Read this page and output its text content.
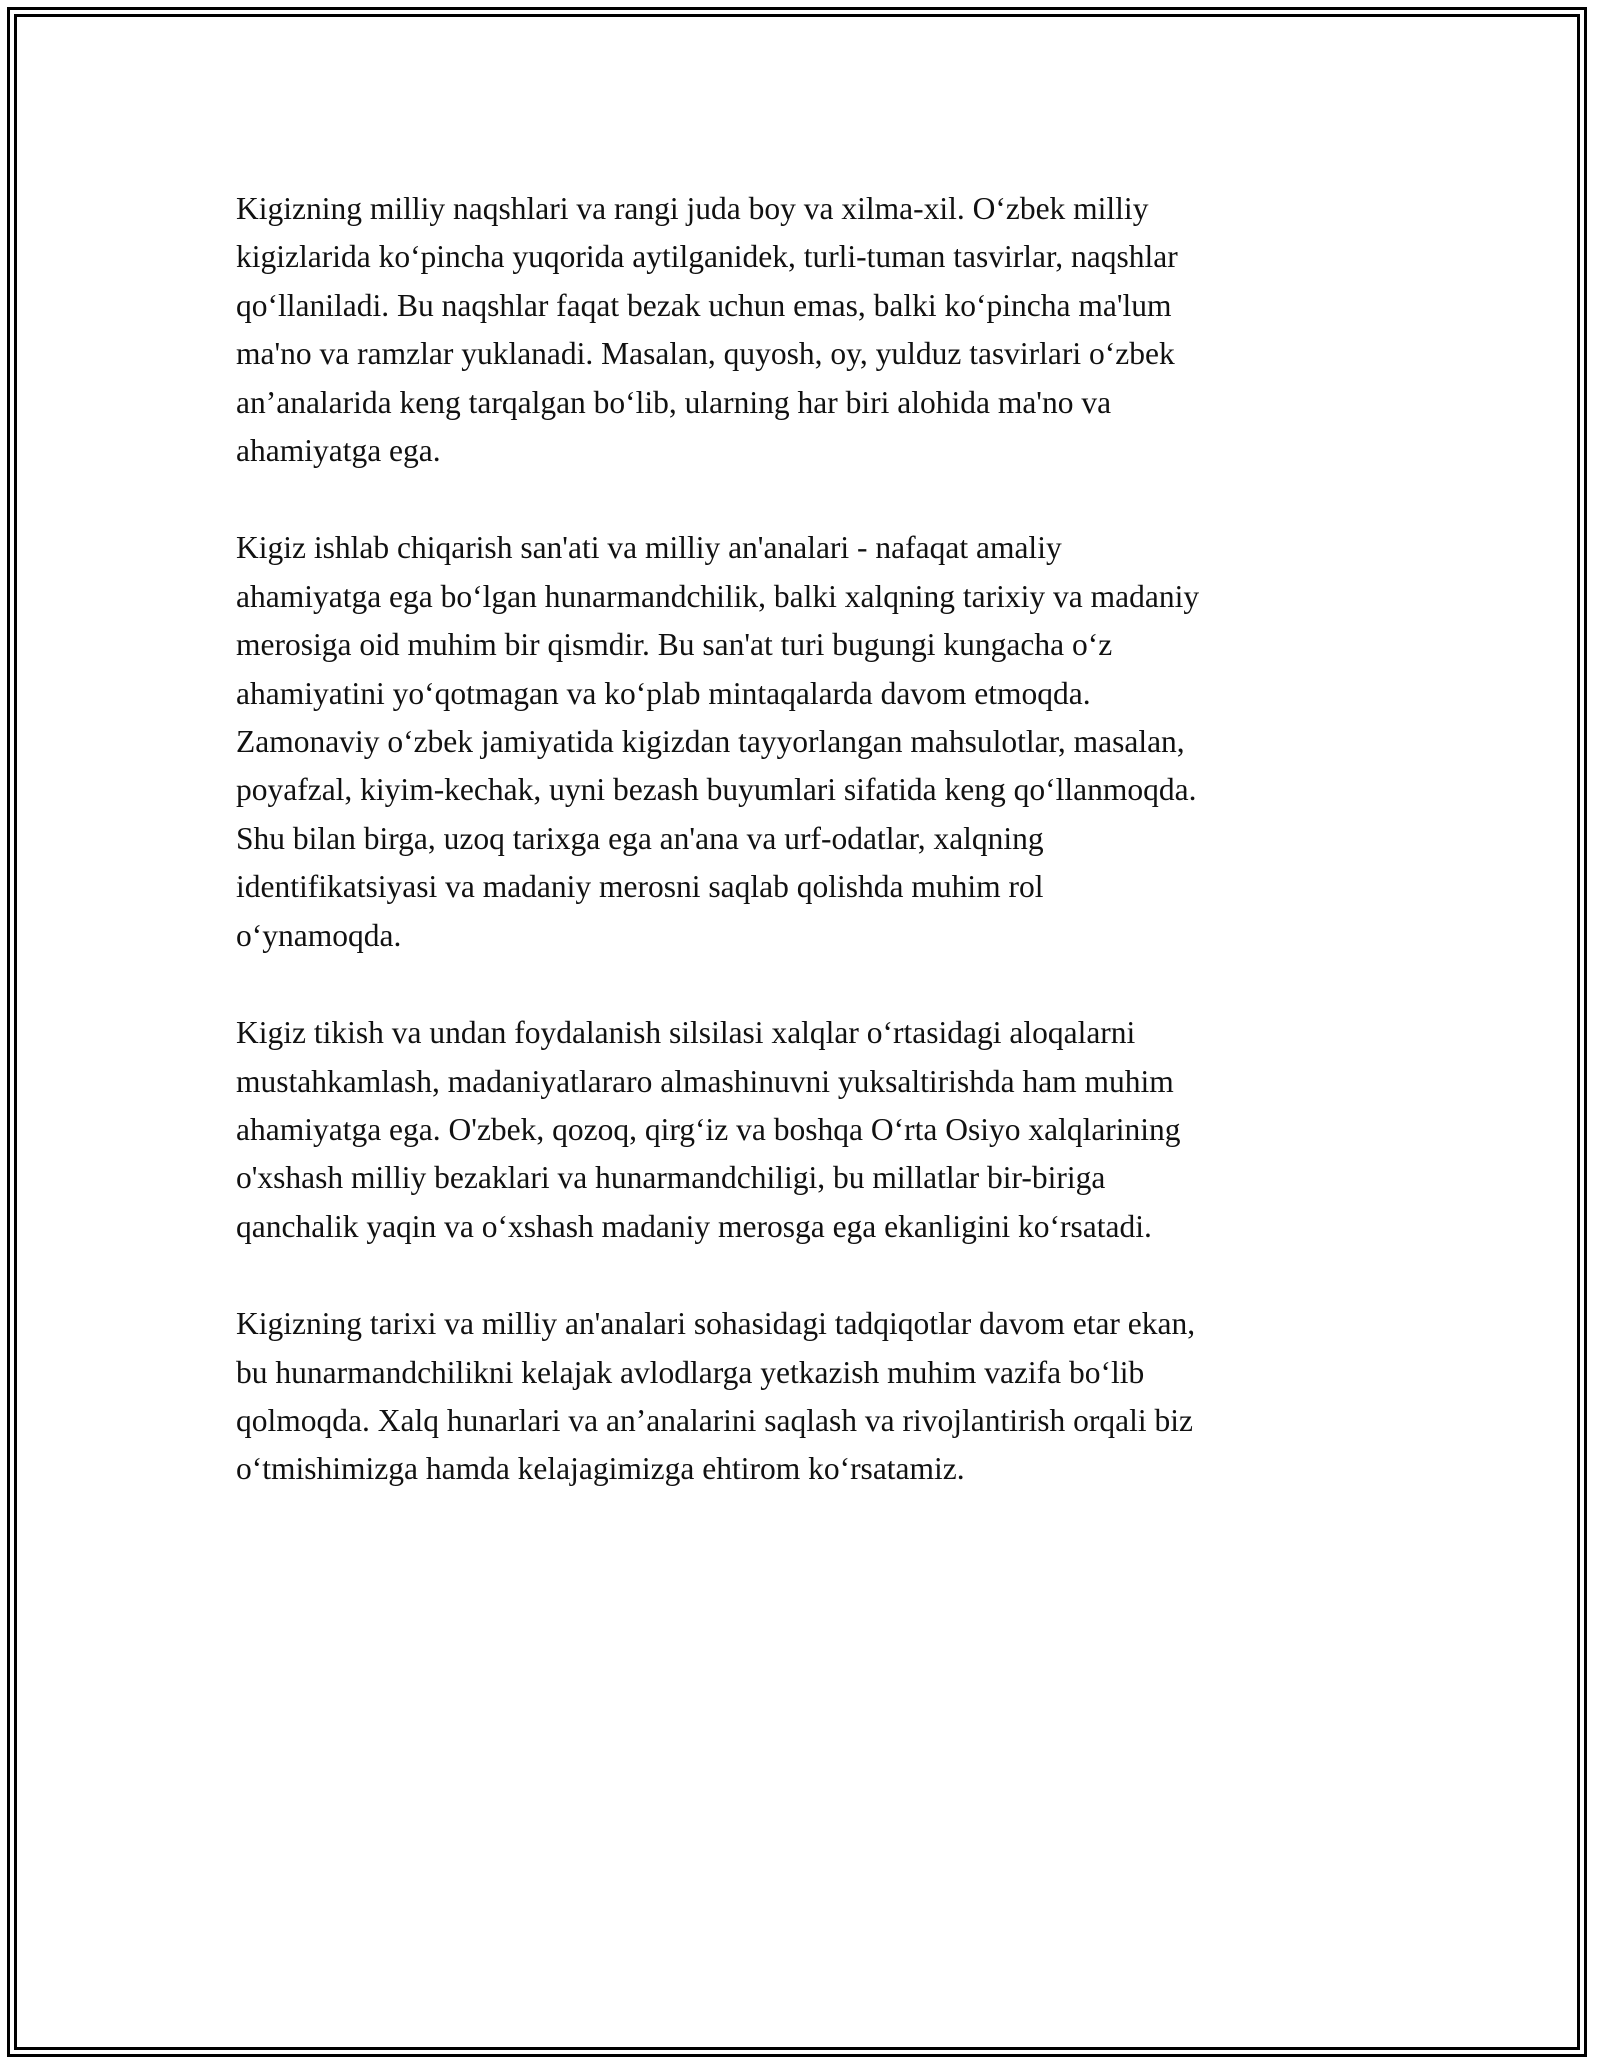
Kigizning milliy naqshlari va rangi juda boy va xilma-xil. O‘zbek milliy
kigizlarida ko‘pincha yuqorida aytilganidek, turli-tuman tasvirlar, naqshlar
qo‘llaniladi. Bu naqshlar faqat bezak uchun emas, balki ko‘pincha ma'lum
ma'no va ramzlar yuklanadi. Masalan, quyosh, oy, yulduz tasvirlari o‘zbek
an’analarida keng tarqalgan bo‘lib, ularning har biri alohida ma'no va
ahamiyatga ega.

Kigiz ishlab chiqarish san'ati va milliy an'analari - nafaqat amaliy
ahamiyatga ega bo‘lgan hunarmandchilik, balki xalqning tarixiy va madaniy
merosiga oid muhim bir qismdir. Bu san'at turi bugungi kungacha o‘z
ahamiyatini yo‘qotmagan va ko‘plab mintaqalarda davom etmoqda.
Zamonaviy o‘zbek jamiyatida kigizdan tayyorlangan mahsulotlar, masalan,
poyafzal, kiyim-kechak, uyni bezash buyumlari sifatida keng qo‘llanmoqda.
Shu bilan birga, uzoq tarixga ega an'ana va urf-odatlar, xalqning
identifikatsiyasi va madaniy merosni saqlab qolishda muhim rol
o‘ynamoqda.

Kigiz tikish va undan foydalanish silsilasi xalqlar o‘rtasidagi aloqalarni
mustahkamlash, madaniyatlararo almashinuvni yuksaltirishda ham muhim
ahamiyatga ega. O'zbek, qozoq, qirg‘iz va boshqa O‘rta Osiyo xalqlarining
o'xshash milliy bezaklari va hunarmandchiligi, bu millatlar bir-biriga
qanchalik yaqin va o‘xshash madaniy merosga ega ekanligini ko‘rsatadi.

Kigizning tarixi va milliy an'analari sohasidagi tadqiqotlar davom etar ekan,
bu hunarmandchilikni kelajak avlodlarga yetkazish muhim vazifa bo‘lib
qolmoqda. Xalq hunarlari va an’analarini saqlash va rivojlantirish orqali biz
o‘tmishimizga hamda kelajagimizga ehtirom ko‘rsatamiz.
